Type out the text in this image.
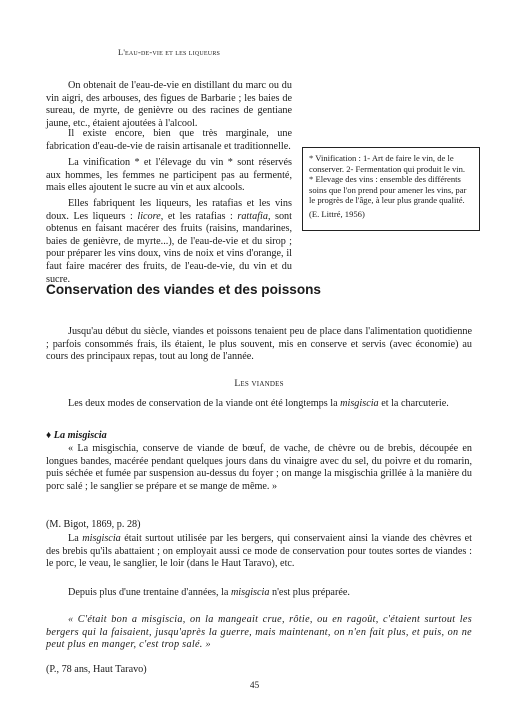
L'eau-de-vie et les liqueurs

On obtenait de l'eau-de-vie en distillant du marc ou du vin aigri, des arbouses, des figues de Barbarie ; les baies de sureau, de myrte, de genièvre ou des racines de gentiane jaune, etc., étaient ajoutées à l'alcool.

Il existe encore, bien que très marginale, une fabrication d'eau-de-vie de raisin artisanale et traditionnelle.

La vinification * et l'élevage du vin * sont réservés aux hommes, les femmes ne participent pas au fermenté, mais elles ajoutent le sucre au vin et aux alcools.

Elles fabriquent les liqueurs, les ratafias et les vins doux. Les liqueurs : licore, et les ratafias : rattafia, sont obtenus en faisant macérer des fruits (raisins, mandarines, baies de genièvre, de myrte...), de l'eau-de-vie et du sirop ; pour préparer les vins doux, vins de noix et vins d'orange, il faut faire macérer des fruits, de l'eau-de-vie, du vin et du sucre.

* Vinification : 1- Art de faire le vin, de le conserver. 2- Fermentation qui produit le vin.
* Elevage des vins : ensemble des différents soins que l'on prend pour amener les vins, par le progrès de l'âge, à leur plus grande qualité.
(E. Littré, 1956)
Conservation des viandes et des poissons

Jusqu'au début du siècle, viandes et poissons tenaient peu de place dans l'alimentation quotidienne ; parfois consommés frais, ils étaient, le plus souvent, mis en conserve et servis (avec économie) au cours des principaux repas, tout au long de l'année.

Les viandes

Les deux modes de conservation de la viande ont été longtemps la misgiscia et la charcuterie.

♦ La misgiscia

« La misgischia, conserve de viande de bœuf, de vache, de chèvre ou de brebis, découpée en longues bandes, macérée pendant quelques jours dans du vinaigre avec du sel, du poivre et du romarin, puis séchée et fumée par suspension au-dessus du foyer ; on mange la misgischia grillée à la manière du porc salé ; le sanglier se prépare et se mange de même. »

(M. Bigot, 1869, p. 28)

La misgiscia était surtout utilisée par les bergers, qui conservaient ainsi la viande des chèvres et des brebis qu'ils abattaient ; on employait aussi ce mode de conservation pour toutes sortes de viandes : le porc, le veau, le sanglier, le loir (dans le Haut Taravo), etc.

Depuis plus d'une trentaine d'années, la misgiscia n'est plus préparée.

« C'était bon a misgiscia, on la mangeait crue, rôtie, ou en ragoût, c'étaient surtout les bergers qui la faisaient, jusqu'après la guerre, mais maintenant, on n'en fait plus, et puis, on ne peut plus en manger, c'est trop salé. »

(P., 78 ans, Haut Taravo)
45
